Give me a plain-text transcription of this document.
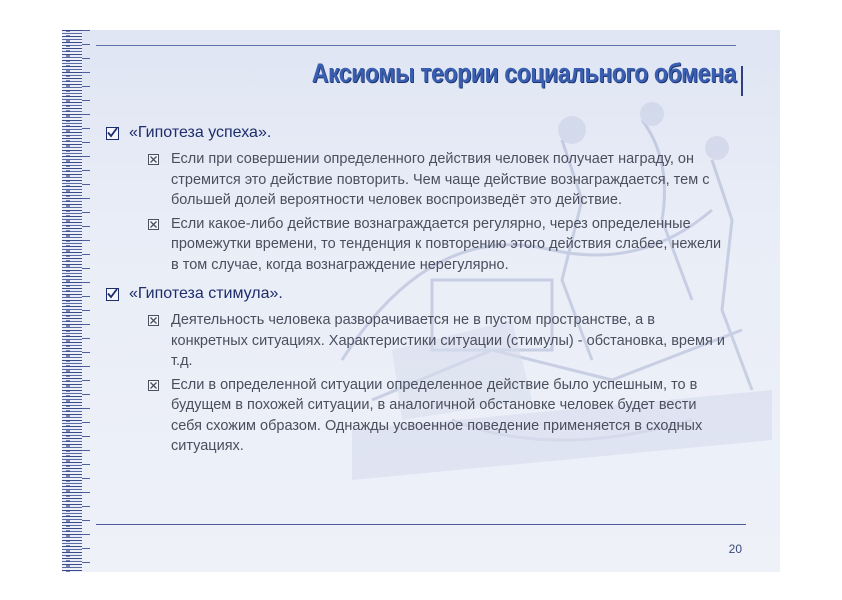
Аксиомы теории социального обмена
«Гипотеза успеха».
Если при совершении определенного действия человек получает награду, он стремится это действие повторить. Чем чаще действие вознаграждается, тем с большей долей вероятности человек воспроизведёт это действие.
Если какое-либо действие вознаграждается регулярно, через определенные промежутки времени, то тенденция к повторению этого действия слабее, нежели в том случае, когда вознаграждение нерегулярно.
«Гипотеза стимула».
Деятельность человека разворачивается не в пустом пространстве, а в конкретных ситуациях. Характеристики ситуации (стимулы) - обстановка, время и т.д.
Если в определенной ситуации определенное действие было успешным, то в будущем в похожей ситуации, в аналогичной обстановке человек будет вести себя схожим образом. Однажды усвоенное поведение применяется в сходных ситуациях.
20
